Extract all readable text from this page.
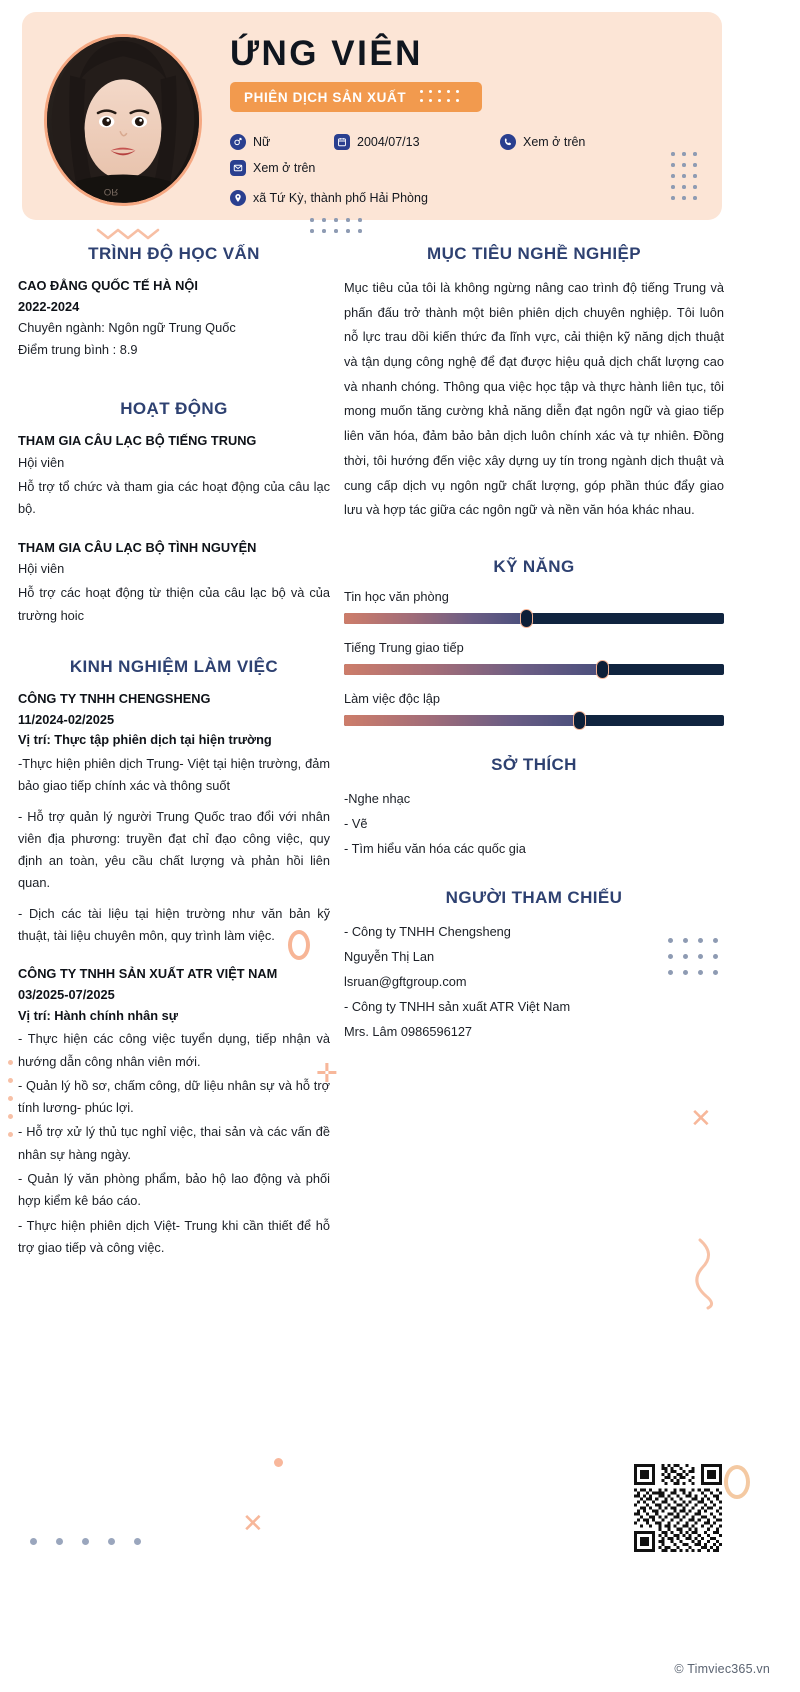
ЯO
ỨNG VIÊN
PHIÊN DỊCH SẢN XUẤT
Nữ	2004/07/13	Xem ở trên
Xem ở trên
xã Tứ Kỳ, thành phố Hải Phòng
✛
✕
✕
TRÌNH ĐỘ HỌC VẤN
CAO ĐẲNG QUỐC TẾ HÀ NỘI
2022-2024
Chuyên ngành: Ngôn ngữ Trung Quốc
Điểm trung bình : 8.9
HOẠT ĐỘNG
THAM GIA CÂU LẠC BỘ TIẾNG TRUNG
Hội viên
Hỗ trợ tổ chức và tham gia các hoạt động của câu lạc bộ.
THAM GIA CÂU LẠC BỘ TÌNH NGUYỆN
Hội viên
Hỗ trợ các hoạt động từ thiện của câu lạc bộ và của trường hoic
KINH NGHIỆM LÀM VIỆC
CÔNG TY TNHH CHENGSHENG
11/2024-02/2025
Vị trí: Thực tập phiên dịch tại hiện trường
-Thực hiện phiên dịch Trung- Việt tại hiện trường, đảm bảo giao tiếp chính xác và thông suốt
- Hỗ trợ quản lý người Trung Quốc trao đổi với nhân viên địa phương: truyền đạt chỉ đạo công việc, quy định an toàn, yêu cầu chất lượng và phản hồi liên quan.
- Dịch các tài liệu tại hiện trường như văn bản kỹ thuật, tài liệu chuyên môn, quy trình làm việc.
CÔNG TY TNHH SẢN XUẤT ATR VIỆT NAM
03/2025-07/2025
Vị trí: Hành chính nhân sự
- Thực hiện các công việc tuyển dụng, tiếp nhận và hướng dẫn công nhân viên mới.
- Quản lý hồ sơ, chấm công, dữ liệu nhân sự và hỗ trợ tính lương- phúc lợi.
- Hỗ trợ xử lý thủ tục nghỉ việc, thai sản và các vấn đề nhân sự hàng ngày.
- Quản lý văn phòng phẩm, bảo hộ lao động và phối hợp kiểm kê báo cáo.
- Thực hiện phiên dịch Việt- Trung khi cần thiết để hỗ trợ giao tiếp và công việc.
MỤC TIÊU NGHỀ NGHIỆP
Mục tiêu của tôi là không ngừng nâng cao trình độ tiếng Trung và phấn đấu trở thành một biên phiên dịch chuyên nghiệp. Tôi luôn nỗ lực trau dồi kiến thức đa lĩnh vực, cải thiện kỹ năng dịch thuật và tận dụng công nghệ để đạt được hiệu quả dịch chất lượng cao và nhanh chóng. Thông qua việc học tập và thực hành liên tục, tôi mong muốn tăng cường khả năng diễn đạt ngôn ngữ và giao tiếp liên văn hóa, đảm bảo bản dịch luôn chính xác và tự nhiên. Đồng thời, tôi hướng đến việc xây dựng uy tín trong ngành dịch thuật và cung cấp dịch vụ ngôn ngữ chất lượng, góp phần thúc đẩy giao lưu và hợp tác giữa các ngôn ngữ và nền văn hóa khác nhau.
KỸ NĂNG
Tin học văn phòng
Tiếng Trung giao tiếp
Làm việc độc lập
SỞ THÍCH
-Nghe nhạc
- Vẽ
- Tìm hiểu văn hóa các quốc gia
NGƯỜI THAM CHIẾU
- Công ty TNHH Chengsheng
Nguyễn Thị Lan
lsruan@gftgroup.com
- Công ty TNHH sản xuất ATR Việt Nam
Mrs. Lâm 0986596127
© Timviec365.vn
